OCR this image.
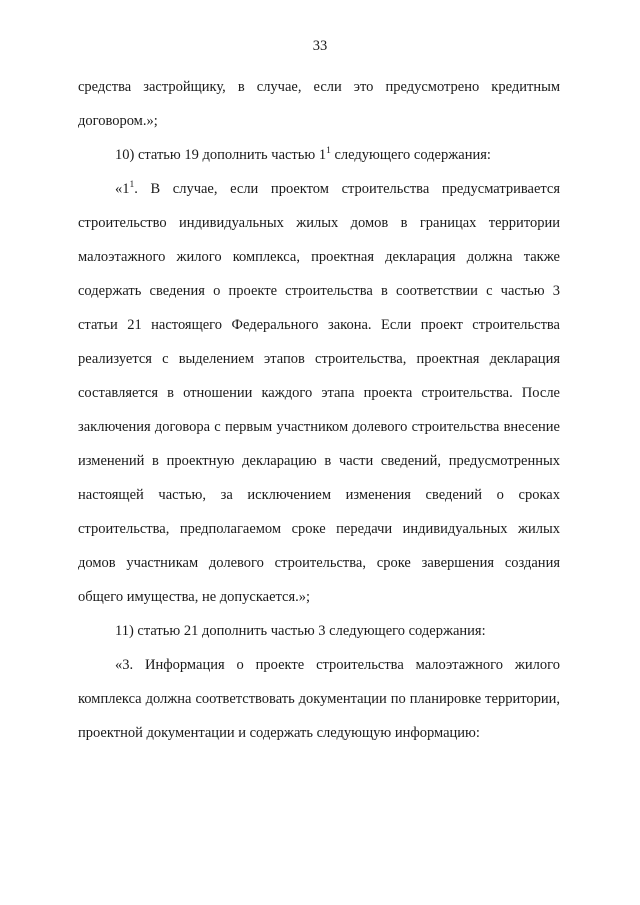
33

средства застройщику, в случае, если это предусмотрено кредитным договором.»;

10) статью 19 дополнить частью $1^1$ следующего содержания:

«$1^1$. В случае, если проектом строительства предусматривается строительство индивидуальных жилых домов в границах территории малоэтажного жилого комплекса, проектная декларация должна также содержать сведения о проекте строительства в соответствии с частью 3 статьи 21 настоящего Федерального закона. Если проект строительства реализуется с выделением этапов строительства, проектная декларация составляется в отношении каждого этапа проекта строительства. После заключения договора с первым участником долевого строительства внесение изменений в проектную декларацию в части сведений, предусмотренных настоящей частью, за исключением изменения сведений о сроках строительства, предполагаемом сроке передачи индивидуальных жилых домов участникам долевого строительства, сроке завершения создания общего имущества, не допускается.»;

11) статью 21 дополнить частью 3 следующего содержания:

«3. Информация о проекте строительства малоэтажного жилого комплекса должна соответствовать документации по планировке территории, проектной документации и содержать следующую информацию:
